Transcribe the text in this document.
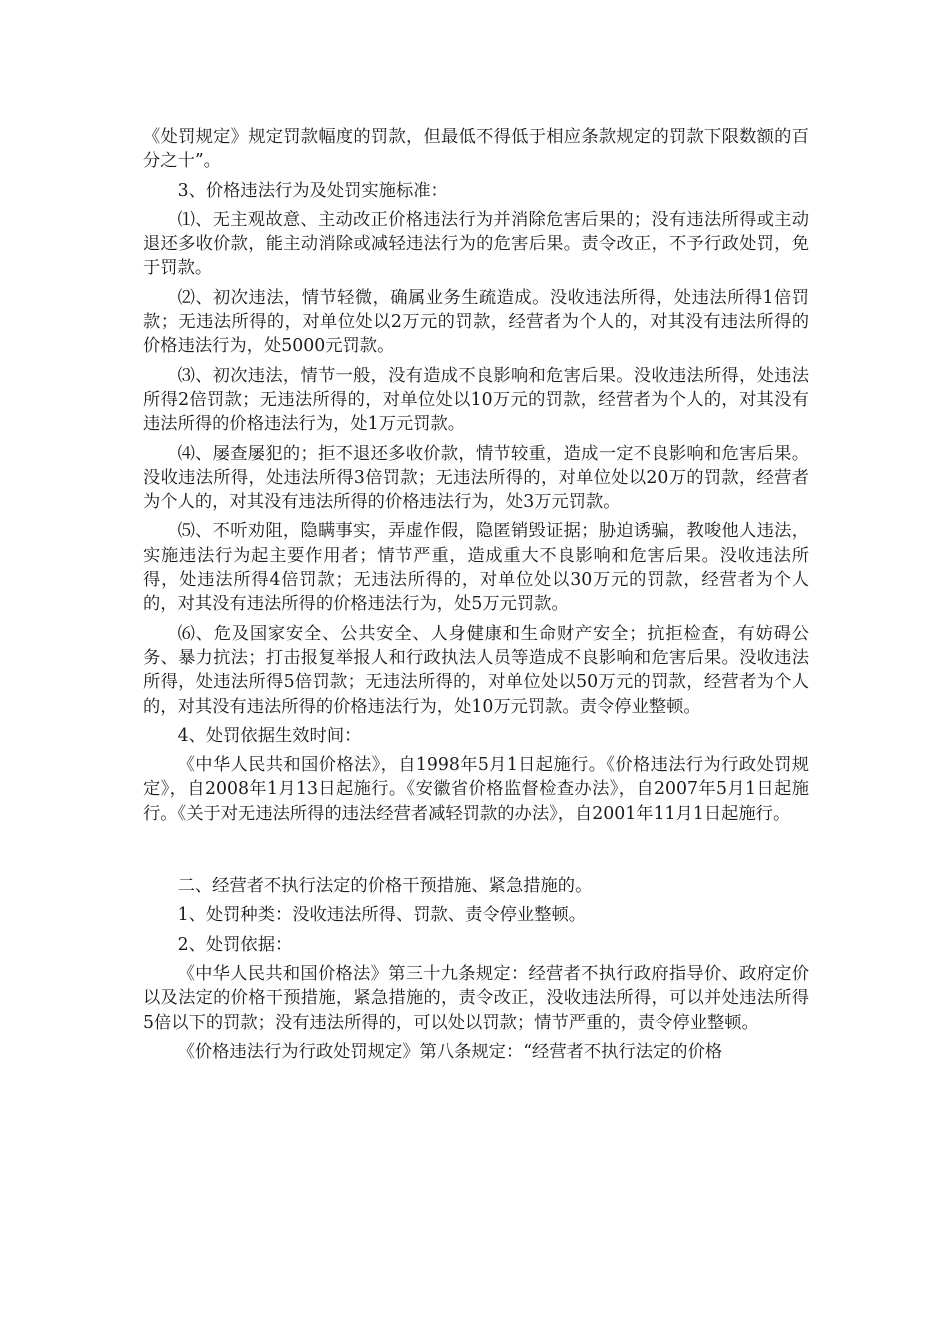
《处罚规定》规定罚款幅度的罚款，但最低不得低于相应条款规定的罚款下限数额的百分之十”。

3、价格违法行为及处罚实施标准：

⑴、无主观故意、主动改正价格违法行为并消除危害后果的；没有违法所得或主动退还多收价款，能主动消除或减轻违法行为的危害后果。责令改正，不予行政处罚，免于罚款。

⑵、初次违法，情节轻微，确属业务生疏造成。没收违法所得，处违法所得1倍罚款；无违法所得的，对单位处以2万元的罚款，经营者为个人的，对其没有违法所得的价格违法行为，处5000元罚款。

⑶、初次违法，情节一般，没有造成不良影响和危害后果。没收违法所得，处违法所得2倍罚款；无违法所得的，对单位处以10万元的罚款，经营者为个人的，对其没有违法所得的价格违法行为，处1万元罚款。

⑷、屡查屡犯的；拒不退还多收价款，情节较重，造成一定不良影响和危害后果。没收违法所得，处违法所得3倍罚款；无违法所得的，对单位处以20万的罚款，经营者为个人的，对其没有违法所得的价格违法行为，处3万元罚款。

⑸、不听劝阻，隐瞒事实，弄虚作假，隐匿销毁证据；胁迫诱骗，教唆他人违法，实施违法行为起主要作用者；情节严重，造成重大不良影响和危害后果。没收违法所得，处违法所得4倍罚款；无违法所得的，对单位处以30万元的罚款，经营者为个人的，对其没有违法所得的价格违法行为，处5万元罚款。

⑹、危及国家安全、公共安全、人身健康和生命财产安全；抗拒检查，有妨碍公务、暴力抗法；打击报复举报人和行政执法人员等造成不良影响和危害后果。没收违法所得，处违法所得5倍罚款；无违法所得的，对单位处以50万元的罚款，经营者为个人的，对其没有违法所得的价格违法行为，处10万元罚款。责令停业整顿。

4、处罚依据生效时间：

《中华人民共和国价格法》，自1998年5月1日起施行。《价格违法行为行政处罚规定》，自2008年1月13日起施行。《安徽省价格监督检查办法》，自2007年5月1日起施行。《关于对无违法所得的违法经营者减轻罚款的办法》，自2001年11月1日起施行。

二、经营者不执行法定的价格干预措施、紧急措施的。

1、处罚种类：没收违法所得、罚款、责令停业整顿。

2、处罚依据：

《中华人民共和国价格法》第三十九条规定：经营者不执行政府指导价、政府定价以及法定的价格干预措施，紧急措施的，责令改正，没收违法所得，可以并处违法所得5倍以下的罚款；没有违法所得的，可以处以罚款；情节严重的，责令停业整顿。

《价格违法行为行政处罚规定》第八条规定：“经营者不执行法定的价格
